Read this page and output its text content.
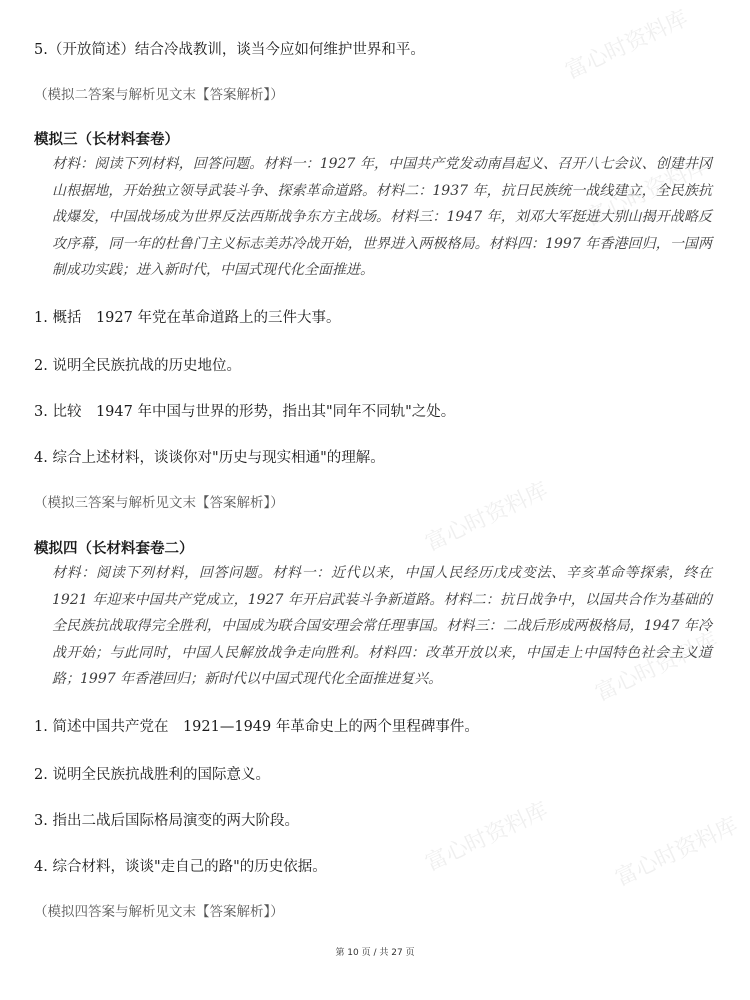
富心时资料库
富心时资料库
富心时资料库
富心时资料库
富心时资料库	富心时资料库
5.（开放简述）结合冷战教训，谈当今应如何维护世界和平。
（模拟二答案与解析见文末【答案解析】）
模拟三（长材料套卷）
材料：阅读下列材料，回答问题。材料一：1927 年，中国共产党发动南昌起义、召开八七会议、创建井冈山根据地，开始独立领导武装斗争、探索革命道路。材料二：1937 年，抗日民族统一战线建立，全民族抗战爆发，中国战场成为世界反法西斯战争东方主战场。材料三：1947 年，刘邓大军挺进大别山揭开战略反攻序幕，同一年的杜鲁门主义标志美苏冷战开始，世界进入两极格局。材料四：1997 年香港回归，一国两制成功实践；进入新时代，中国式现代化全面推进。
1. 概括　1927 年党在革命道路上的三件大事。
2. 说明全民族抗战的历史地位。
3. 比较　1947 年中国与世界的形势，指出其"同年不同轨"之处。
4. 综合上述材料，谈谈你对"历史与现实相通"的理解。
（模拟三答案与解析见文末【答案解析】）
模拟四（长材料套卷二）
材料：阅读下列材料，回答问题。材料一：近代以来，中国人民经历戊戌变法、辛亥革命等探索，终在 1921 年迎来中国共产党成立，1927 年开启武装斗争新道路。材料二：抗日战争中，以国共合作为基础的全民族抗战取得完全胜利，中国成为联合国安理会常任理事国。材料三：二战后形成两极格局，1947 年冷战开始；与此同时，中国人民解放战争走向胜利。材料四：改革开放以来，中国走上中国特色社会主义道路；1997 年香港回归；新时代以中国式现代化全面推进复兴。
1. 简述中国共产党在　1921—1949 年革命史上的两个里程碑事件。
2. 说明全民族抗战胜利的国际意义。
3. 指出二战后国际格局演变的两大阶段。
4. 综合材料，谈谈"走自己的路"的历史依据。
（模拟四答案与解析见文末【答案解析】）
第 10 页 / 共 27 页
